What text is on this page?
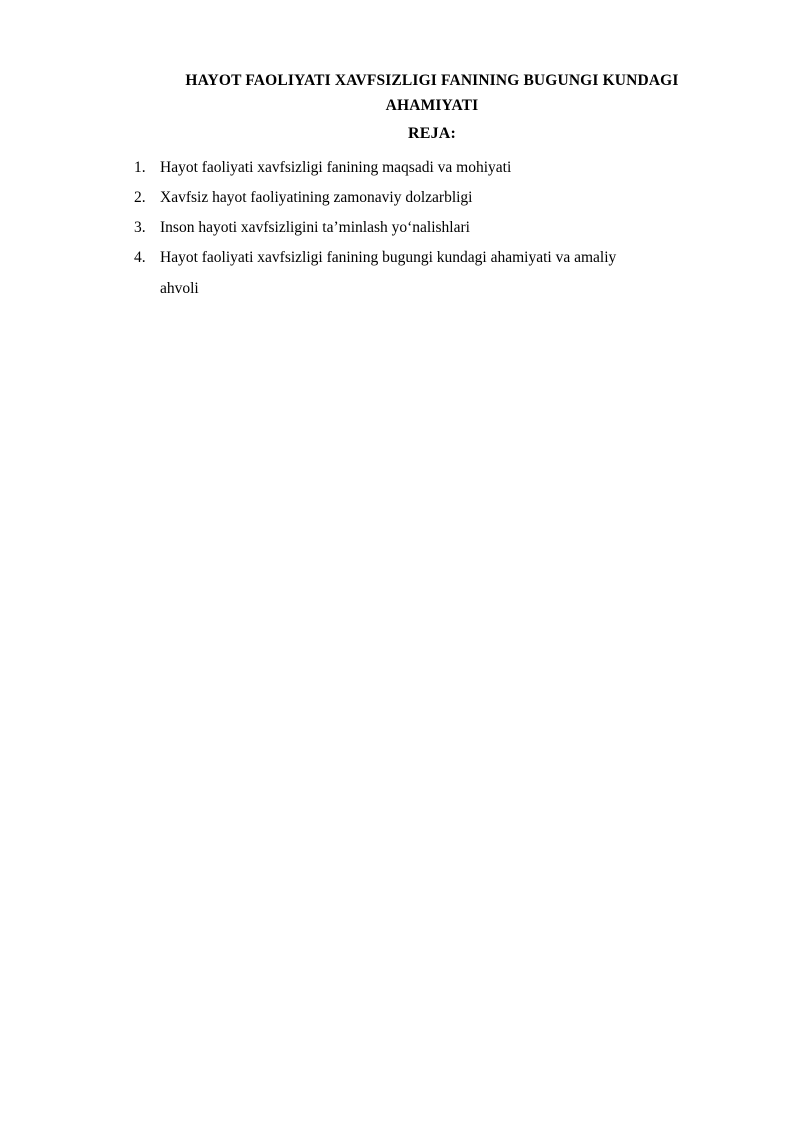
HAYOT FAOLIYATI XAVFSIZLIGI FANINING BUGUNGI KUNDAGI
AHAMIYATI
REJA:
Hayot faoliyati xavfsizligi fanining maqsadi va mohiyati
Xavfsiz hayot faoliyatining zamonaviy dolzarbligi
Inson hayoti xavfsizligini ta’minlash yo‘nalishlari
Hayot faoliyati xavfsizligi fanining bugungi kundagi ahamiyati va amaliy
ahvoli
